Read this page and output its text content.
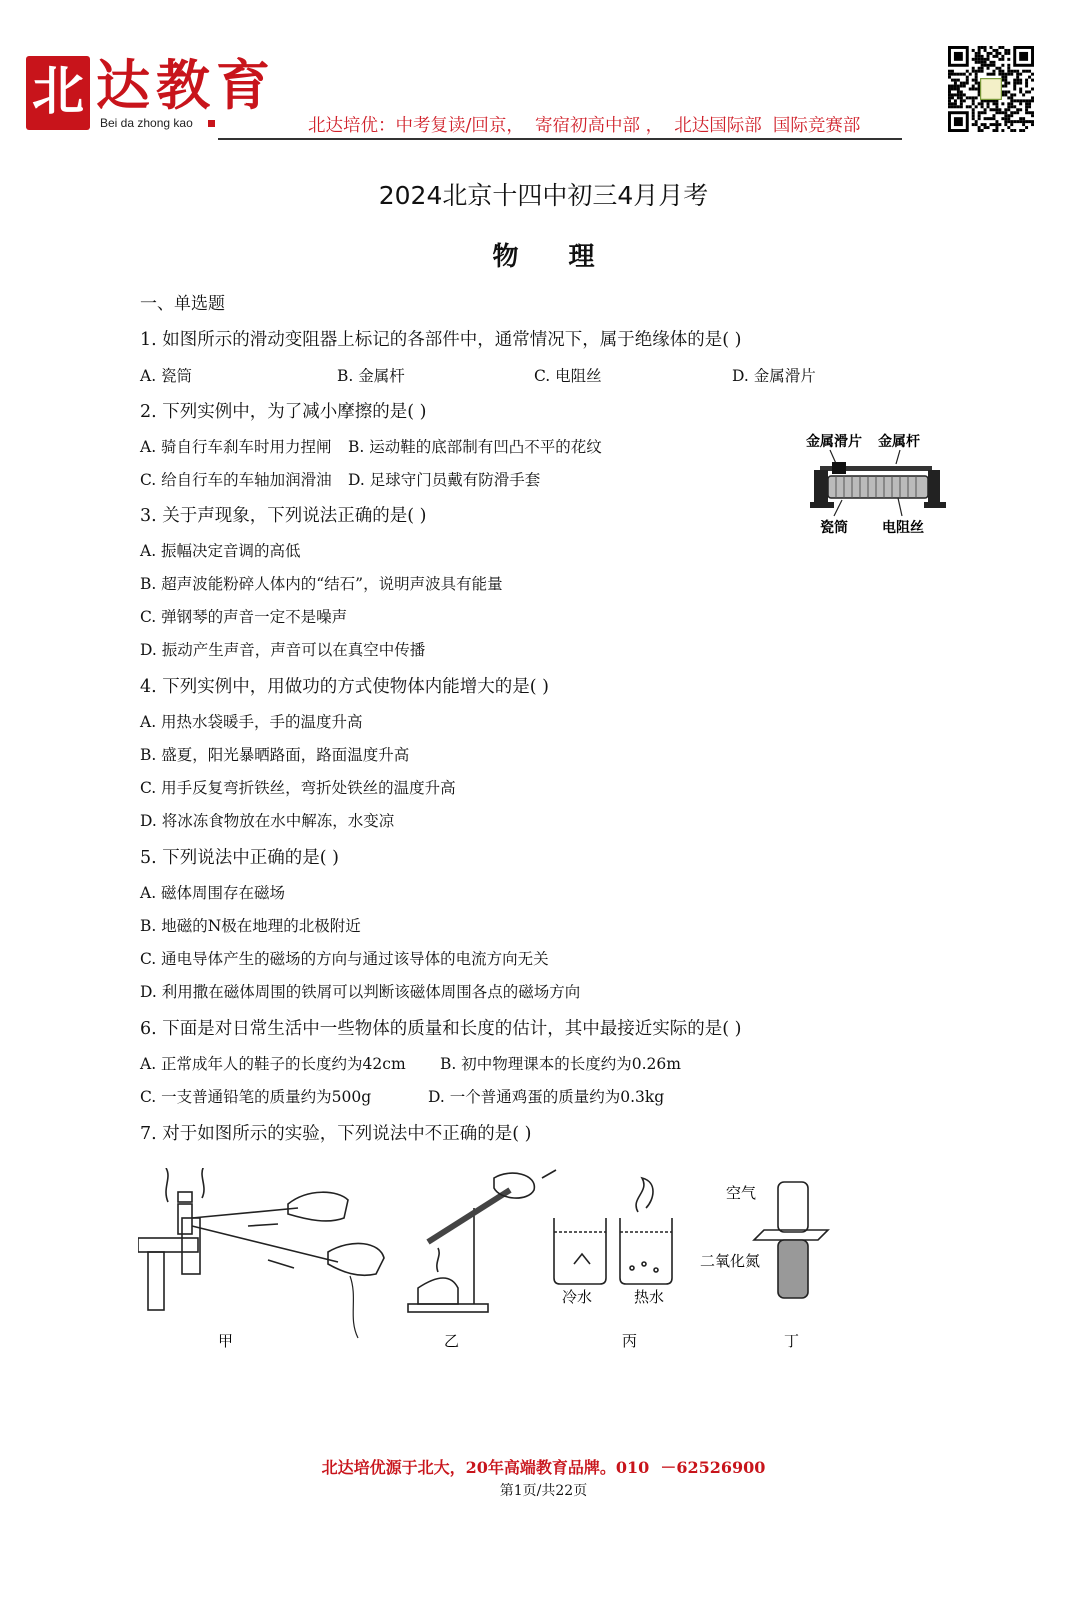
北 达教育
Bei da zhong kao	北达培优：中考复读/回京，  寄宿初高中部 ，  北达国际部  国际竞赛部
2024北京十四中初三4月月考
物理
一、单选题
1. 如图所示的滑动变阻器上标记的各部件中，通常情况下，属于绝缘体的是( )
A. 瓷筒	B. 金属杆	C. 电阻丝	D. 金属滑片
2. 下列实例中，为了减小摩擦的是( )
A. 骑自行车刹车时用力捏闸 B. 运动鞋的底部制有凹凸不平的花纹
C. 给自行车的车轴加润滑油 D. 足球守门员戴有防滑手套
3. 关于声现象，下列说法正确的是( )
A. 振幅决定音调的高低
B. 超声波能粉碎人体内的“结石”，说明声波具有能量
C. 弹钢琴的声音一定不是噪声
D. 振动产生声音，声音可以在真空中传播
4. 下列实例中，用做功的方式使物体内能增大的是( )
A. 用热水袋暖手，手的温度升高
B. 盛夏，阳光暴晒路面，路面温度升高
C. 用手反复弯折铁丝，弯折处铁丝的温度升高
D. 将冰冻食物放在水中解冻，水变凉
5. 下列说法中正确的是( )
A. 磁体周围存在磁场
B. 地磁的N极在地理的北极附近
C. 通电导体产生的磁场的方向与通过该导体的电流方向无关
D. 利用撒在磁体周围的铁屑可以判断该磁体周围各点的磁场方向
6. 下面是对日常生活中一些物体的质量和长度的估计，其中最接近实际的是( )
A. 正常成年人的鞋子的长度约为42cm B. 初中物理课本的长度约为0.26m
C. 一支普通铅笔的质量约为500g	D. 一个普通鸡蛋的质量约为0.3kg
7. 对于如图所示的实验，下列说法中不正确的是( )
金属滑片 金属杆
瓷筒 电阻丝
冷水	热水
空气
二氧化氮
甲	乙	丙	丁
北达培优源于北大，20年高端教育品牌。010  －62526900
第1页/共22页
